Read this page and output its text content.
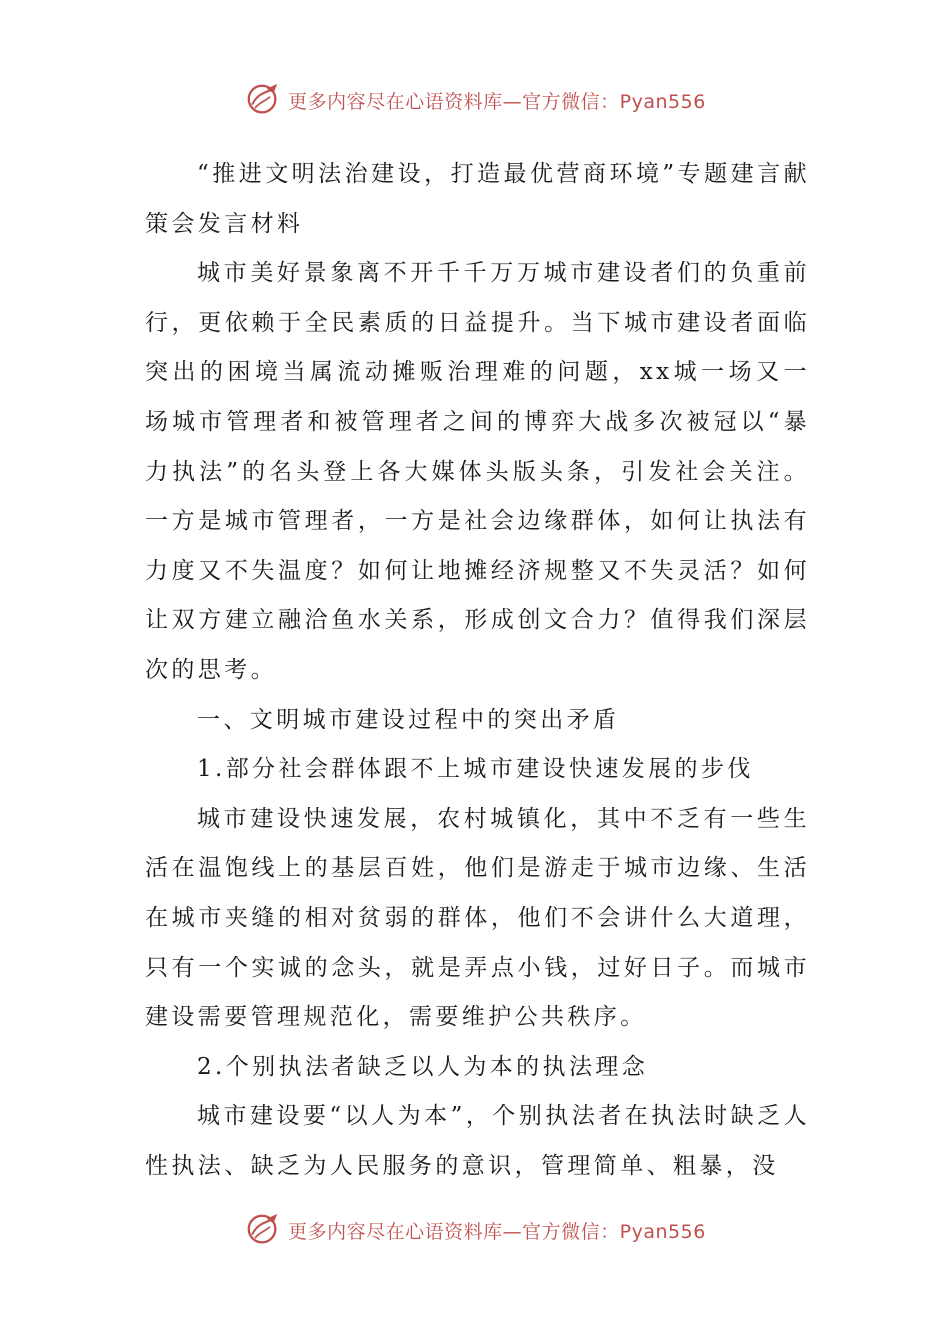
更多内容尽在心语资料库—官方微信：Pyan556

“推进文明法治建设，打造最优营商环境”专题建言献策会发言材料

城市美好景象离不开千千万万城市建设者们的负重前行，更依赖于全民素质的日益提升。当下城市建设者面临突出的困境当属流动摊贩治理难的问题，xx城一场又一场城市管理者和被管理者之间的博弈大战多次被冠以“暴力执法”的名头登上各大媒体头版头条，引发社会关注。一方是城市管理者，一方是社会边缘群体，如何让执法有力度又不失温度？如何让地摊经济规整又不失灵活？如何让双方建立融洽鱼水关系，形成创文合力？值得我们深层次的思考。

一、文明城市建设过程中的突出矛盾

1.部分社会群体跟不上城市建设快速发展的步伐

城市建设快速发展，农村城镇化，其中不乏有一些生活在温饱线上的基层百姓，他们是游走于城市边缘、生活在城市夹缝的相对贫弱的群体，他们不会讲什么大道理，只有一个实诚的念头，就是弄点小钱，过好日子。而城市建设需要管理规范化，需要维护公共秩序。

2.个别执法者缺乏以人为本的执法理念

城市建设要“以人为本”，个别执法者在执法时缺乏人性执法、缺乏为人民服务的意识，管理简单、粗暴，没

更多内容尽在心语资料库—官方微信：Pyan556
